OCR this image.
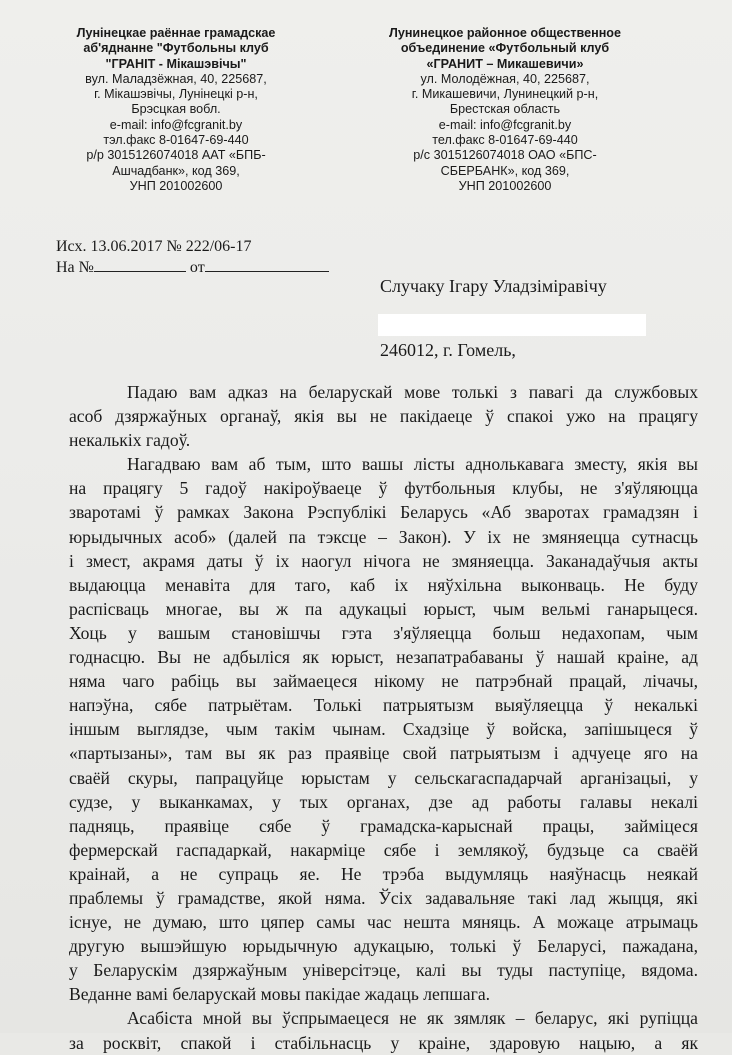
Лунінецкае раённае грамадскае
аб'яднанне "Футбольны клуб
"ГРАНІТ - Мікашэвічы"
вул. Маладзёжная, 40, 225687,
г. Мікашэвічы, Лунінецкі р-н,
Брэсцкая вобл.
e-mail: info@fcgranit.by
тэл.факс 8-01647-69-440
р/р 3015126074018 ААТ «БПБ-
Ашчадбанк», код 369,
УНП 201002600
Лунинецкое районное общественное
объединение «Футбольный клуб
«ГРАНИТ – Микашевичи»
ул. Молодёжная, 40, 225687,
г. Микашевичи, Лунинецкий р-н,
Брестская область
e-mail: info@fcgranit.by
тел.факс 8-01647-69-440
р/с 3015126074018 ОАО «БПС-
СБЕРБАНК», код 369,
УНП 201002600
Исх. 13.06.2017 № 222/06-17
На №	от
Случаку Ігару Уладзіміравічу
246012, г. Гомель,
Падаю вам адказ на беларускай мове толькі з павагі да службовых
асоб дзяржаўных органаў, якія вы не пакідаеце ў спакоі ужо на працягу
некалькіх гадоў.
Нагадваю вам аб тым, што вашы лісты аднолькавага зместу, якія вы
на працягу 5 гадоў накіроўваеце ў футбольныя клубы, не з'яўляюцца
зваротамі ў рамках Закона Рэспублікі Беларусь «Аб зваротах грамадзян і
юрыдычных асоб» (далей па тэксце – Закон). У іх не змяняецца сутнасць
і змест, акрамя даты ў іх наогул нічога не змяняецца. Заканадаўчыя акты
выдаюцца менавіта для таго, каб іх няўхільна выконваць. Не буду
распісваць многае, вы ж па адукацыі юрыст, чым вельмі ганарыцеся.
Хоць у вашым становішчы гэта з'яўляецца больш недахопам, чым
годнасцю. Вы не адбыліся як юрыст, незапатрабаваны ў нашай краіне, ад
няма чаго рабіць вы займаецеся нікому не патрэбнай працай, лічачы,
напэўна, сябе патрыётам. Толькі патрыятызм выяўляецца ў некалькі
іншым выглядзе, чым такім чынам. Схадзіце ў войска, запішыцеся ў
«партызаны», там вы як раз праявіце свой патрыятызм і адчуеце яго на
сваёй скуры, папрацуйце юрыстам у сельскагаспадарчай арганізацыі, у
судзе, у выканкамах, у тых органах, дзе ад работы галавы некалі
падняць, праявіце сябе ў грамадска-карыснай працы, займіцеся
фермерскай гаспадаркай, накармiце сябе і землякоў, будзьце са сваёй
краінай, а не супраць яе. Не трэба выдумляць наяўнасць неякай
праблемы ў грамадстве, якой няма. Ўсіх задавальняе такі лад жыцця, які
існуе, не думаю, што цяпер самы час нешта мяняць. А можаце атрымаць
другую вышэйшую юрыдычную адукацыю, толькі ў Беларусі, пажадана,
у Беларускім дзяржаўным універсітэце, калі вы туды паступіце, вядома.
Веданне вамі беларускай мовы пакідае жадаць лепшага.
Асабіста мной вы ўспрымаецеся не як зямляк – беларус, які рупіцца
за росквіт, спакой і стабільнасць у краіне, здаровую нацыю, а як
